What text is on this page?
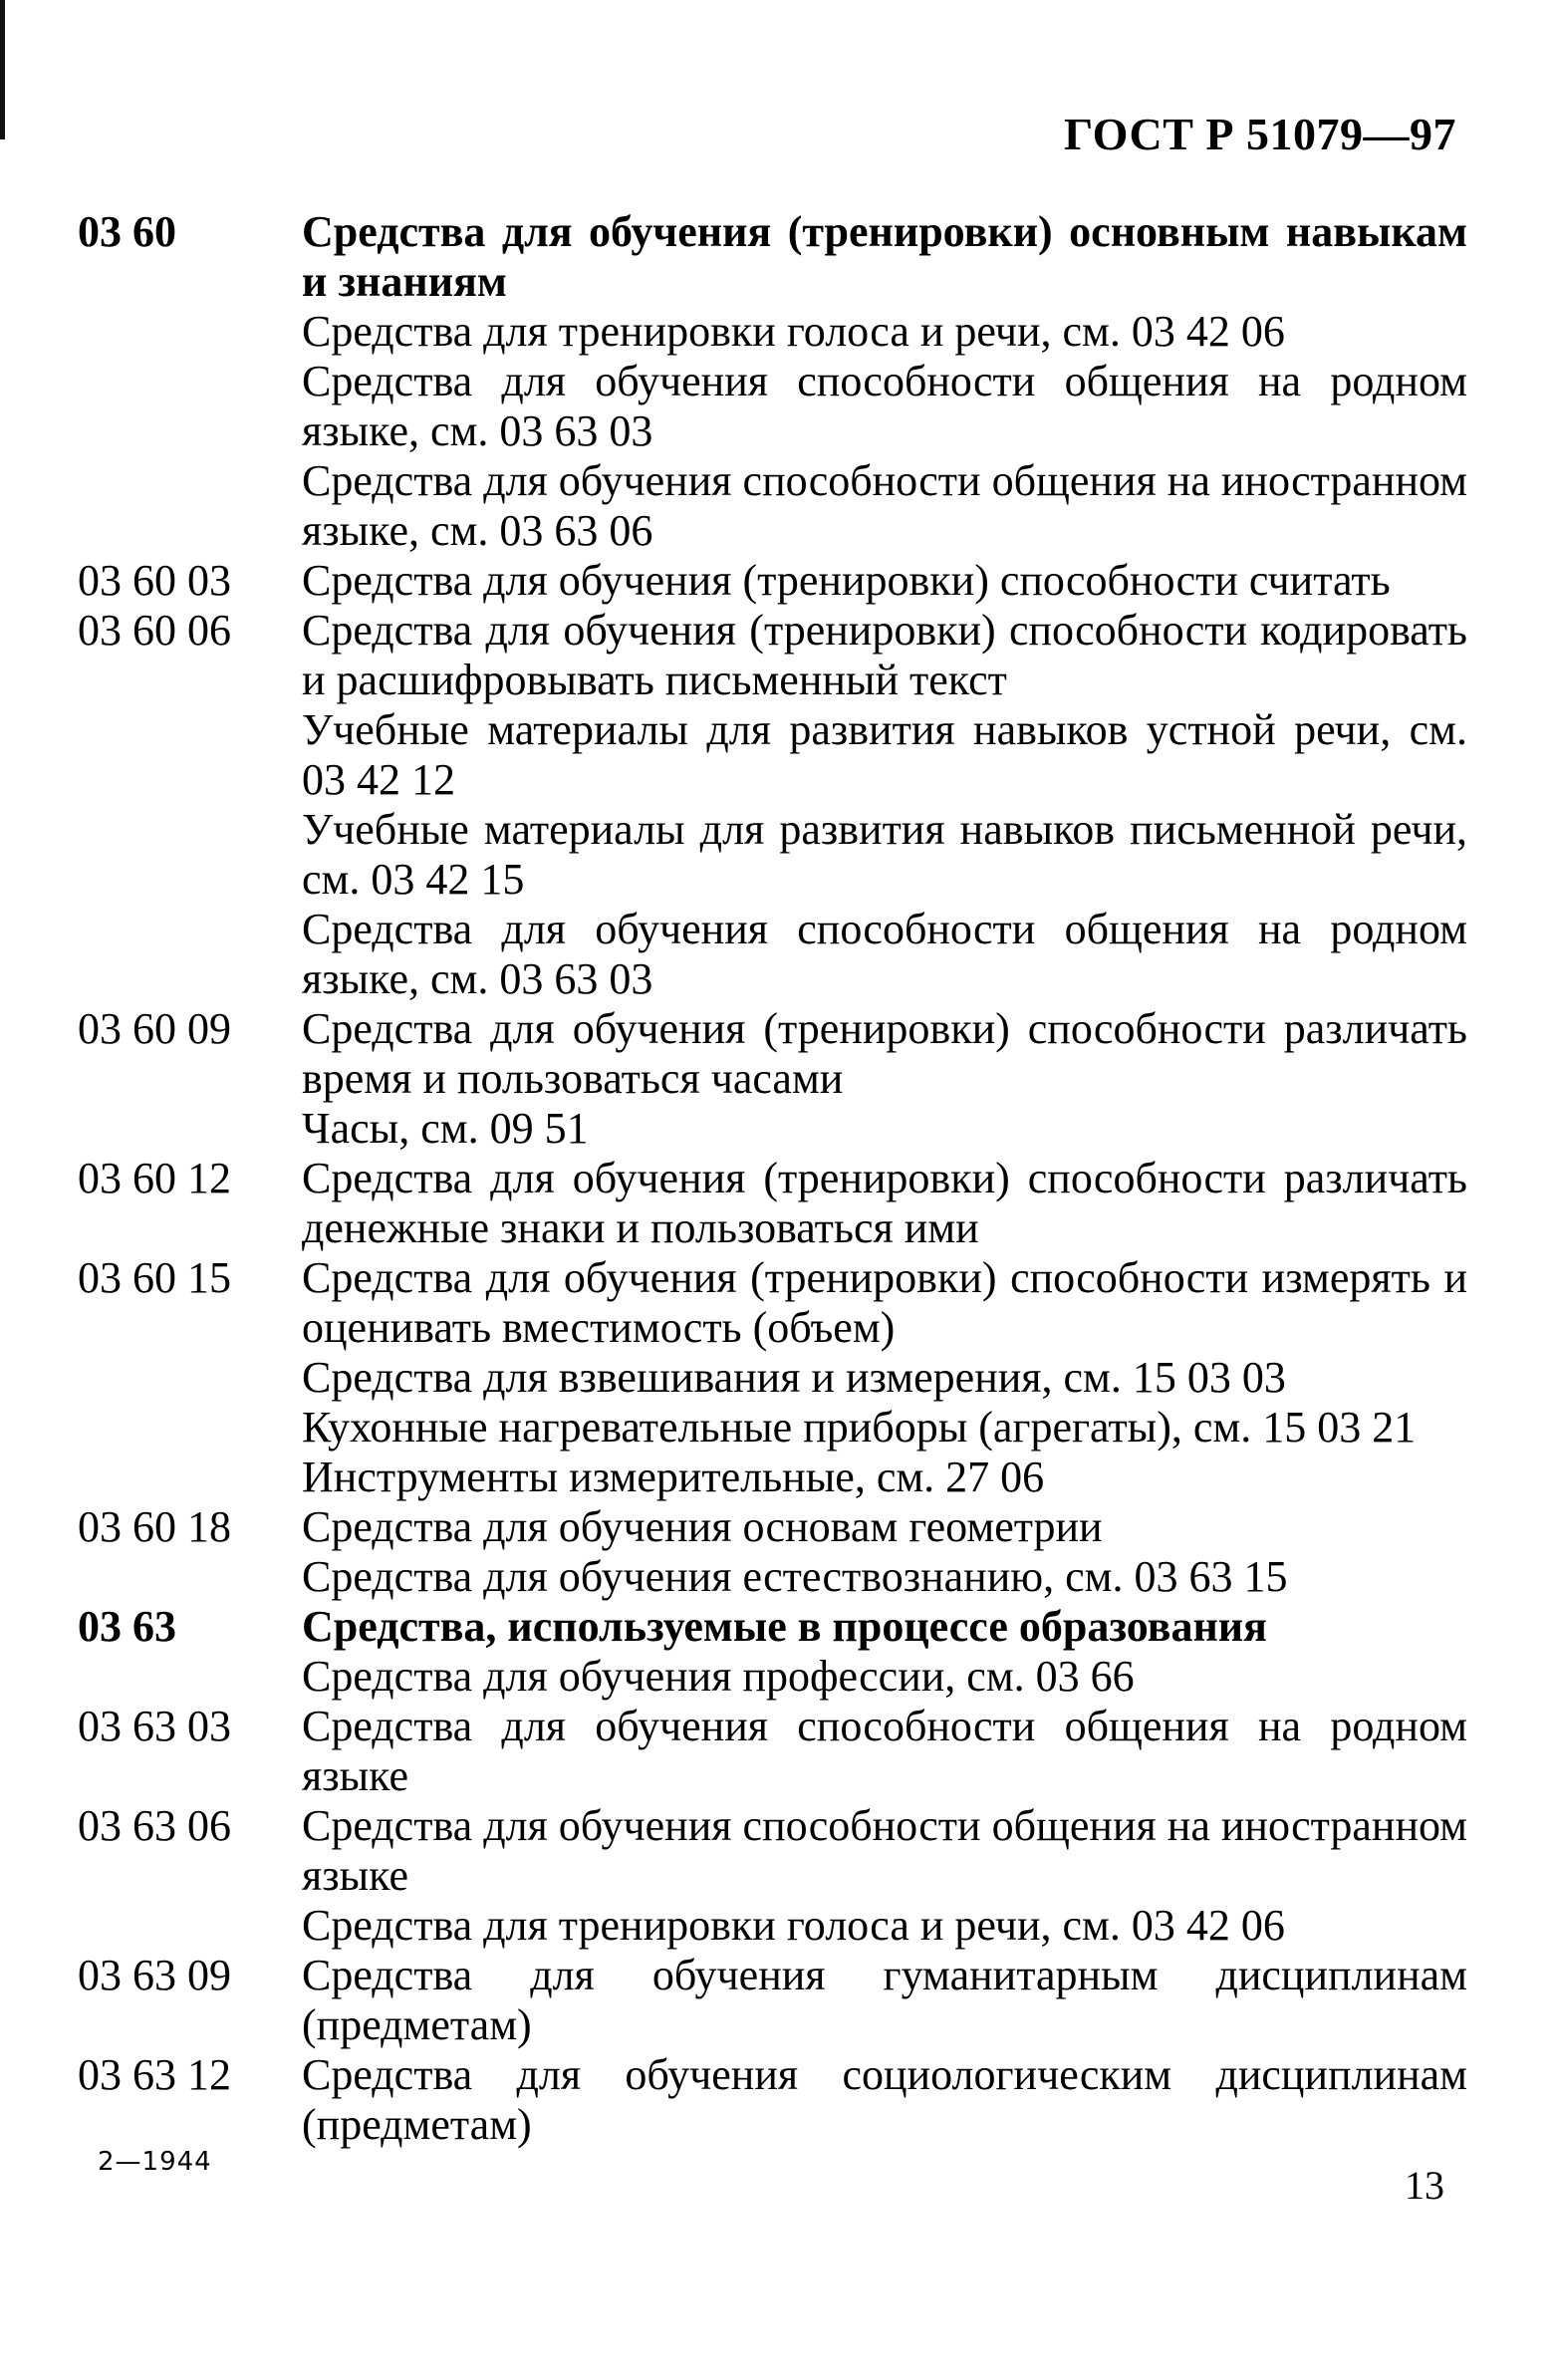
ГОСТ Р 51079—97
03 60	Средства для обучения (тренировки) основным навыкам и знаниям
Средства для тренировки голоса и речи, см. 03 42 06
Средства для обучения способности общения на родном языке, см. 03 63 03
Средства для обучения способности общения на иностранном языке, см. 03 63 06
03 60 03	Средства для обучения (тренировки) способности считать
03 60 06	Средства для обучения (тренировки) способности кодировать и расшифровывать письменный текст
Учебные материалы для развития навыков устной речи, см. 03 42 12
Учебные материалы для развития навыков письменной речи, см. 03 42 15
Средства для обучения способности общения на родном языке, см. 03 63 03
03 60 09	Средства для обучения (тренировки) способности различать время и пользоваться часами
Часы, см. 09 51
03 60 12	Средства для обучения (тренировки) способности различать денежные знаки и пользоваться ими
03 60 15	Средства для обучения (тренировки) способности измерять и оценивать вместимость (объем)
Средства для взвешивания и измерения, см. 15 03 03
Кухонные нагревательные приборы (агрегаты), см. 15 03 21
Инструменты измерительные, см. 27 06
03 60 18	Средства для обучения основам геометрии
Средства для обучения естествознанию, см. 03 63 15
03 63	Средства, используемые в процессе образования
Средства для обучения профессии, см. 03 66
03 63 03	Средства для обучения способности общения на родном языке
03 63 06	Средства для обучения способности общения на иностранном языке
Средства для тренировки голоса и речи, см. 03 42 06
03 63 09	Средства для обучения гуманитарным дисциплинам (предметам)
03 63 12	Средства для обучения социологическим дисциплинам (предметам)
2—1944
13
